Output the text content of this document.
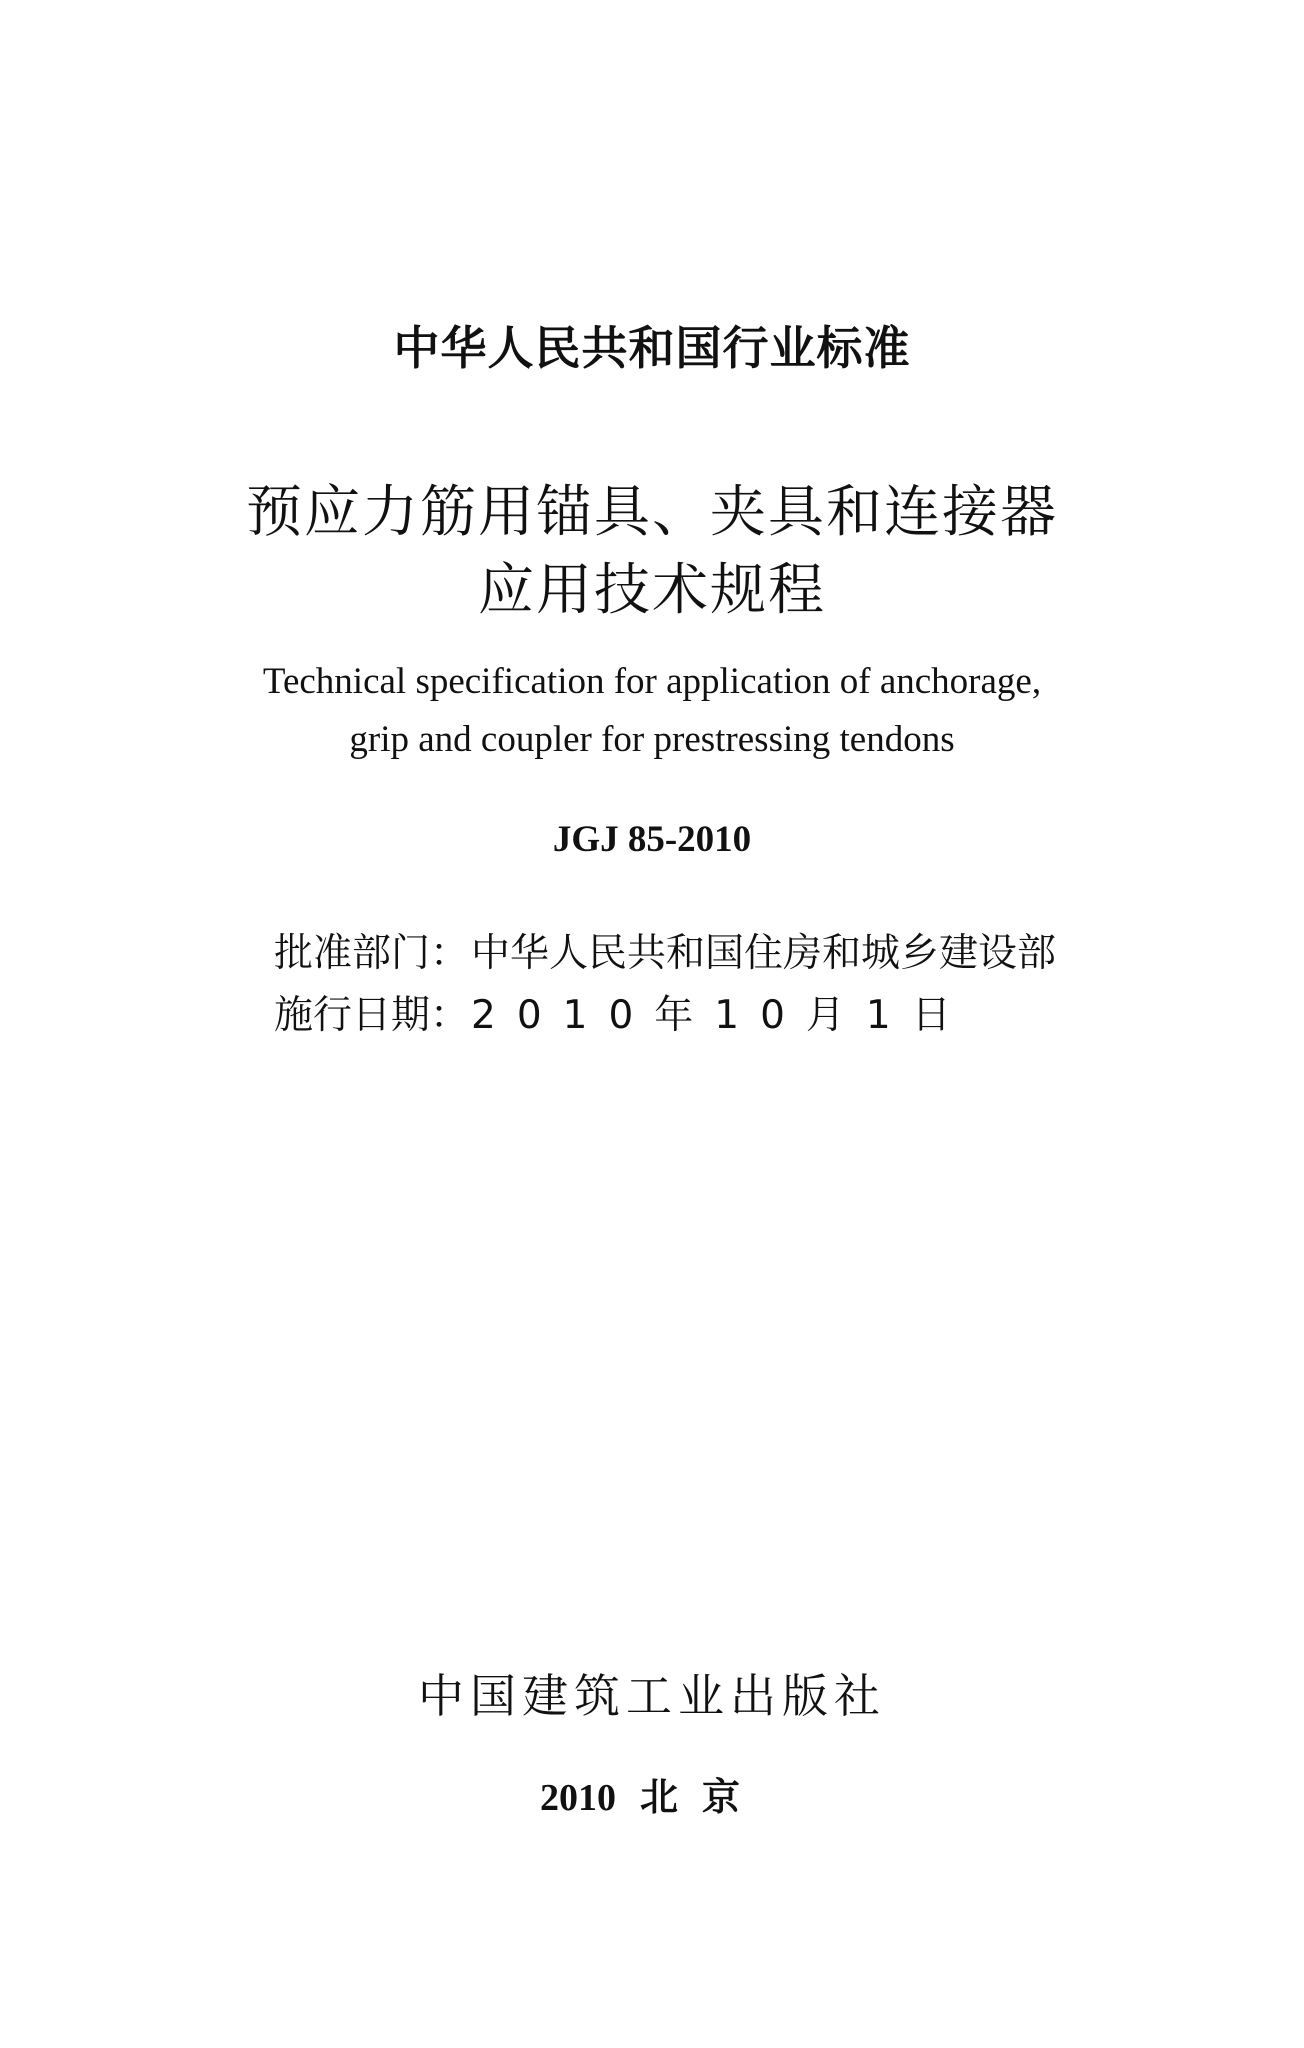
中华人民共和国行业标准
预应力筋用锚具、夹具和连接器
应用技术规程
Technical specification for application of anchorage,
grip and coupler for prestressing tendons
JGJ 85-2010
批准部门：中华人民共和国住房和城乡建设部
施行日期：2010年10月1日
中国建筑工业出版社
2010 北京
